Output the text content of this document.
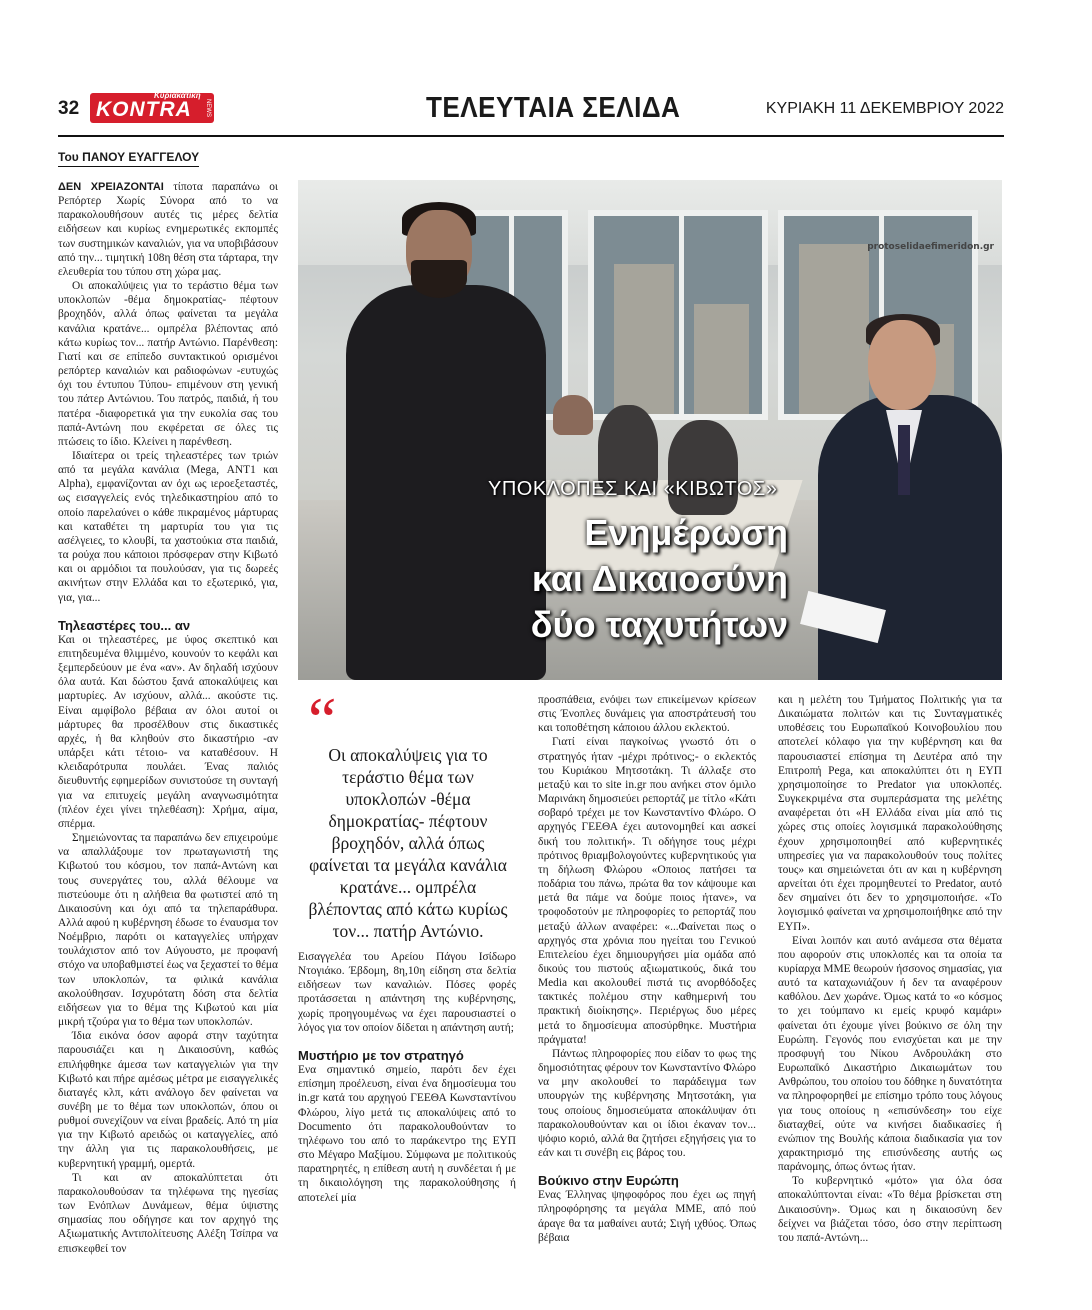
32
Κυριακάτικη
KONTRA NEWS	ΤΕΛΕΥΤΑΙΑ ΣΕΛΙΔΑ	ΚΥΡΙΑΚΗ 11 ΔΕΚΕΜΒΡΙΟΥ 2022
Του ΠΑΝΟΥ ΕΥΑΓΓΕΛΟΥ

ΔΕΝ ΧΡΕΙΑΖΟΝΤΑΙ τίποτα παραπάνω οι Ρεπόρτερ Χωρίς Σύνορα από το να παρακολουθήσουν αυτές τις μέρες δελτία ειδήσεων και κυρίως ενημερωτικές εκπομπές των συστημικών καναλιών, για να υποβιβάσουν από την... τιμητική 108η θέση στα τάρταρα, την ελευθερία του τύπου στη χώρα μας.

Οι αποκαλύψεις για το τεράστιο θέμα των υποκλοπών -θέμα δημοκρατίας- πέφτουν βροχηδόν, αλλά όπως φαίνεται τα μεγάλα κανάλια κρατάνε... ομπρέλα βλέποντας από κάτω κυρίως τον... πατήρ Αντώνιο. Παρένθεση: Γιατί και σε επίπεδο συντακτικού ορισμένοι ρεπόρτερ καναλιών και ραδιοφώνων -ευτυχώς όχι του έντυπου Τύπου- επιμένουν στη γενική του πάτερ Αντώνιου. Του πατρός, παιδιά, ή του πατέρα -διαφορετικά για την ευκολία σας του παπά-Αντώνη που εκφέρεται σε όλες τις πτώσεις το ίδιο. Κλείνει η παρένθεση.

Ιδιαίτερα οι τρείς τηλεαστέρες των τριών από τα μεγάλα κανάλια (Mega, ΑΝΤ1 και Alpha), εμφανίζονται αν όχι ως ιεροεξεταστές, ως εισαγγελείς ενός τηλεδικαστηρίου από το οποίο παρελαύνει ο κάθε πικραμένος μάρτυρας και καταθέτει τη μαρτυρία του για τις ασέλγειες, το κλουβί, τα χαστούκια στα παιδιά, τα ρούχα που κάποιοι πρόσφεραν στην Κιβωτό και οι αρμόδιοι τα πουλούσαν, για τις δωρεές ακινήτων στην Ελλάδα και το εξωτερικό, για, για, για...

Τηλεαστέρες του... αν

Και οι τηλεαστέρες, με ύφος σκεπτικό και επιτηδευμένα θλιμμένο, κουνούν το κεφάλι και ξεμπερδεύουν με ένα «αν». Αν δηλαδή ισχύουν όλα αυτά. Και δώστου ξανά αποκαλύψεις και μαρτυρίες. Αν ισχύουν, αλλά... ακούστε τις. Είναι αμφίβολο βέβαια αν όλοι αυτοί οι μάρτυρες θα προσέλθουν στις δικαστικές αρχές, ή θα κληθούν στο δικαστήριο -αν υπάρξει κάτι τέτοιο- να καταθέσουν. Η κλειδαρότρυπα πουλάει. Ένας παλιός διευθυντής εφημερίδων συνιστούσε τη συνταγή για να επιτυχείς μεγάλη αναγνωσιμότητα (πλέον έχει γίνει τηλεθέαση): Χρήμα, αίμα, σπέρμα.

Σημειώνοντας τα παραπάνω δεν επιχειρούμε να απαλλάξουμε τον πρωταγωνιστή της Κιβωτού του κόσμου, τον παπά-Αντώνη και τους συνεργάτες του, αλλά θέλουμε να πιστεύουμε ότι η αλήθεια θα φωτιστεί από τη Δικαιοσύνη και όχι από τα τηλεπαράθυρα. Αλλά αφού η κυβέρνηση έδωσε το έναυσμα τον Νοέμβριο, παρότι οι καταγγελίες υπήρχαν τουλάχιστον από τον Αύγουστο, με προφανή στόχο να υποβαθμιστεί έως να ξεχαστεί το θέμα των υποκλοπών, τα φιλικά κανάλια ακολούθησαν. Ισχυρότατη δόση στα δελτία ειδήσεων για το θέμα της Κιβωτού και μία μικρή τζούρα για το θέμα των υποκλοπών.

Ίδια εικόνα όσον αφορά στην ταχύτητα παρουσιάζει και η Δικαιοσύνη, καθώς επιλήφθηκε άμεσα των καταγγελιών για την Κιβωτό και πήρε αμέσως μέτρα με εισαγγελικές διαταγές κλπ, κάτι ανάλογο δεν φαίνεται να συνέβη με το θέμα των υποκλοπών, όπου οι ρυθμοί συνεχίζουν να είναι βραδείς. Από τη μία για την Κιβωτό αρειδώς οι καταγγελίες, από την άλλη για τις παρακολουθήσεις, με κυβερνητική γραμμή, ομερτά.

Τι και αν αποκαλύπτεται ότι παρακολουθούσαν τα τηλέφωνα της ηγεσίας των Ενόπλων Δυνάμεων, θέμα ύψιστης σημασίας που οδήγησε και τον αρχηγό της Αξιωματικής Αντιπολίτευσης Αλέξη Τσίπρα να επισκεφθεί τον

protoselidaefimeridon.gr
ΥΠΟΚΛΟΠΕΣ ΚΑΙ «ΚΙΒΩΤΟΣ»
Ενημέρωση
και Δικαιοσύνη
δύο ταχυτήτων
“
Οι αποκαλύψεις για το τεράστιο θέμα των υποκλοπών -θέμα δημοκρατίας- πέφτουν βροχηδόν, αλλά όπως φαίνεται τα μεγάλα κανάλια κρατάνε... ομπρέλα βλέποντας από κάτω κυρίως τον... πατήρ Αντώνιο.

Εισαγγελέα του Αρείου Πάγου Ισίδωρο Ντογιάκο. Έβδομη, 8η,10η είδηση στα δελτία ειδήσεων των καναλιών. Πόσες φορές προτάσσεται η απάντηση της κυβέρνησης, χωρίς προηγουμένως να έχει παρουσιαστεί ο λόγος για τον οποίον δίδεται η απάντηση αυτή;

Μυστήριο με τον στρατηγό

Ενα σημαντικό σημείο, παρότι δεν έχει επίσημη προέλευση, είναι ένα δημοσίευμα του in.gr κατά του αρχηγού ΓΕΕΘΑ Κωνσταντίνου Φλώρου, λίγο μετά τις αποκαλύψεις από το Documento ότι παρακολουθούνταν το τηλέφωνο του από το παράκεντρο της ΕΥΠ στο Μέγαρο Μαξίμου. Σύμφωνα με πολιτικούς παρατηρητές, η επίθεση αυτή η συνδέεται ή με τη δικαιολόγηση της παρακολούθησης ή αποτελεί μία

προσπάθεια, ενόψει των επικείμενων κρίσεων στις Ένοπλες δυνάμεις για αποστράτευσή του και τοποθέτηση κάποιου άλλου εκλεκτού.

Γιατί είναι παγκοίνως γνωστό ότι ο στρατηγός ήταν -μέχρι πρότινος;- ο εκλεκτός του Κυριάκου Μητσοτάκη. Τι άλλαξε στο μεταξύ και το site in.gr που ανήκει στον όμιλο Μαρινάκη δημοσιεύει ρεπορτάζ με τίτλο «Κάτι σοβαρό τρέχει με τον Κωνσταντίνο Φλώρο. Ο αρχηγός ΓΕΕΘΑ έχει αυτονομηθεί και ασκεί δική του πολιτική». Τι οδήγησε τους μέχρι πρότινος θριαμβολογούντες κυβερνητικούς για τη δήλωση Φλώρου «Οποιος πατήσει τα ποδάρια του πάνω, πρώτα θα τον κάψουμε και μετά θα πάμε να δούμε ποιος ήτανε», να τροφοδοτούν με πληροφορίες το ρεπορτάζ που μεταξύ άλλων αναφέρει: «...Φαίνεται πως ο αρχηγός στα χρόνια που ηγείται του Γενικού Επιτελείου έχει δημιουργήσει μία ομάδα από δικούς του πιστούς αξιωματικούς, δικά του Media και ακολουθεί πιστά τις ανορθόδοξες τακτικές πολέμου στην καθημερινή του πρακτική διοίκησης». Περιέργως δυο μέρες μετά το δημοσίευμα αποσύρθηκε. Μυστήρια πράγματα!

Πάντως πληροφορίες που είδαν το φως της δημοσιότητας φέρουν τον Κωνσταντίνο Φλώρο να μην ακολουθεί το παράδειγμα των υπουργών της κυβέρνησης Μητσοτάκη, για τους οποίους δημοσιεύματα αποκάλυψαν ότι παρακολουθούνταν και οι ίδιοι έκαναν τον... ψόφιο κοριό, αλλά θα ζητήσει εξηγήσεις για το εάν και τι συνέβη εις βάρος του.

Βούκινο στην Ευρώπη

Ενας Έλληνας ψηφοφόρος που έχει ως πηγή πληροφόρησης τα μεγάλα ΜΜΕ, από πού άραγε θα τα μαθαίνει αυτά; Σιγή ιχθύος. Όπως βέβαια

και η μελέτη του Τμήματος Πολιτικής για τα Δικαιώματα πολιτών και τις Συνταγματικές υποθέσεις του Ευρωπαϊκού Κοινοβουλίου που αποτελεί κόλαφο για την κυβέρνηση και θα παρουσιαστεί επίσημα τη Δευτέρα από την Επιτροπή Pega, και αποκαλύπτει ότι η ΕΥΠ χρησιμοποίησε το Predator για υποκλοπές. Συγκεκριμένα στα συμπεράσματα της μελέτης αναφέρεται ότι «Η Ελλάδα είναι μία από τις χώρες στις οποίες λογισμικά παρακολούθησης έχουν χρησιμοποιηθεί από κυβερνητικές υπηρεσίες για να παρακολουθούν τους πολίτες τους» και σημειώνεται ότι αν και η κυβέρνηση αρνείται ότι έχει προμηθευτεί το Predator, αυτό δεν σημαίνει ότι δεν το χρησιμοποιήσε. «Το λογισμικό φαίνεται να χρησιμοποιήθηκε από την ΕΥΠ».

Είναι λοιπόν και αυτό ανάμεσα στα θέματα που αφορούν στις υποκλοπές και τα οποία τα κυρίαρχα ΜΜΕ θεωρούν ήσσονος σημασίας, για αυτό τα καταχωνιάζουν ή δεν τα αναφέρουν καθόλου. Δεν χωράνε. Όμως κατά το «ο κόσμος το χει τούμπανο κι εμείς κρυφό καμάρι» φαίνεται ότι έχουμε γίνει βούκινο σε όλη την Ευρώπη. Γεγονός που ενισχύεται και με την προσφυγή του Νίκου Ανδρουλάκη στο Ευρωπαϊκό Δικαστήριο Δικαιωμάτων του Ανθρώπου, του οποίου του δόθηκε η δυνατότητα να πληροφορηθεί με επίσημο τρόπο τους λόγους για τους οποίους η «επισύνδεση» του είχε διαταχθεί, ούτε να κινήσει διαδικασίες ή ενώπιον της Βουλής κάποια διαδικασία για τον χαρακτηρισμό της επισύνδεσης αυτής ως παράνομης, όπως όντως ήταν.

Το κυβερνητικό «μότο» για όλα όσα αποκαλύπτονται είναι: «Το θέμα βρίσκεται στη Δικαιοσύνη». Όμως και η δικαιοσύνη δεν δείχνει να βιάζεται τόσο, όσο στην περίπτωση του παπά-Αντώνη...
